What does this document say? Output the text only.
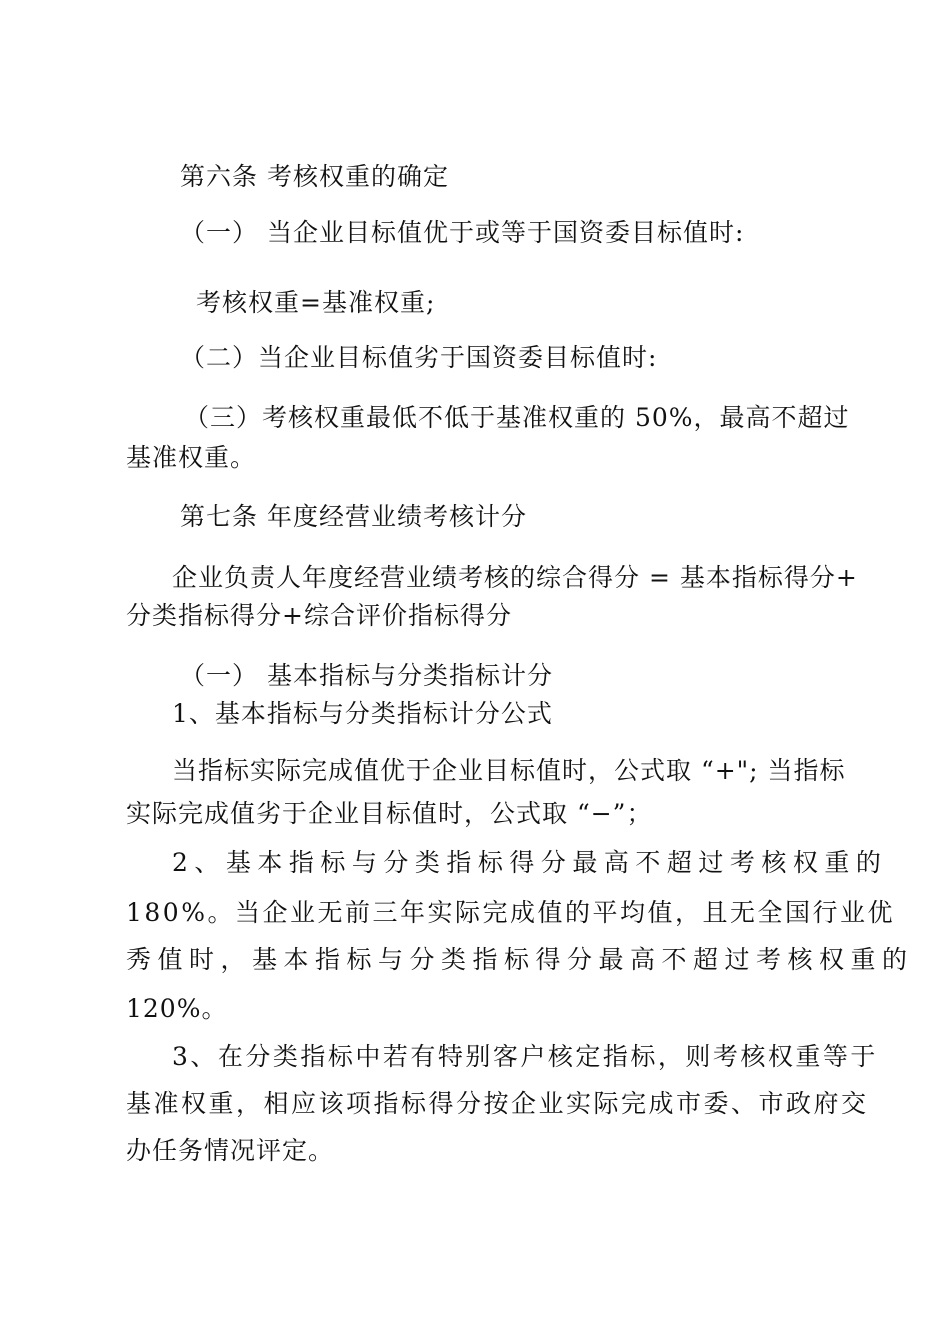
第六条 考核权重的确定
（一） 当企业目标值优于或等于国资委目标值时:
考核权重=基准权重;
（二）当企业目标值劣于国资委目标值时:
（三）考核权重最低不低于基准权重的 50%，最高不超过
基准权重。
第七条 年度经营业绩考核计分
企业负责人年度经营业绩考核的综合得分 = 基本指标得分+
分类指标得分+综合评价指标得分
（一） 基本指标与分类指标计分
1、基本指标与分类指标计分公式
当指标实际完成值优于企业目标值时，公式取 “+"; 当指标
实际完成值劣于企业目标值时，公式取 “−”；
2、基本指标与分类指标得分最高不超过考核权重的
180%。当企业无前三年实际完成值的平均值，且无全国行业优
秀值时，基本指标与分类指标得分最高不超过考核权重的
120%。
3、在分类指标中若有特别客户核定指标，则考核权重等于
基准权重，相应该项指标得分按企业实际完成市委、市政府交
办任务情况评定。
